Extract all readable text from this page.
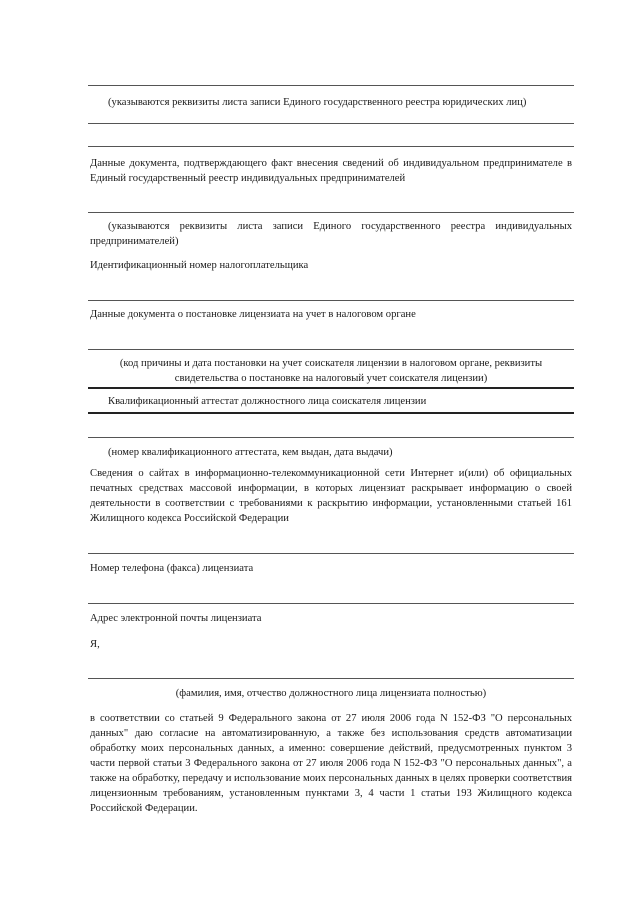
(указываются реквизиты листа записи Единого государственного реестра юридических лиц)

Данные документа, подтверждающего факт внесения сведений об индивидуальном предпринимателе в Единый государственный реестр индивидуальных предпринимателей

(указываются реквизиты листа записи Единого государственного реестра индивидуальных предпринимателей)

Идентификационный номер налогоплательщика

Данные документа о постановке лицензиата на учет в налоговом органе

(код причины и дата постановки на учет соискателя лицензии в налоговом органе, реквизиты свидетельства о постановке на налоговый учет соискателя лицензии)

Квалификационный аттестат должностного лица соискателя лицензии

(номер квалификационного аттестата, кем выдан, дата выдачи)

Сведения о сайтах в информационно-телекоммуникационной сети Интернет и(или) об официальных печатных средствах массовой информации, в которых лицензиат раскрывает информацию о своей деятельности в соответствии с требованиями к раскрытию информации, установленными статьей 161 Жилищного кодекса Российской Федерации

Номер телефона (факса) лицензиата

Адрес электронной почты лицензиата

Я,

(фамилия, имя, отчество должностного лица лицензиата полностью)

в соответствии со статьей 9 Федерального закона от 27 июля 2006 года N 152-ФЗ "О персональных данных" даю согласие на автоматизированную, а также без использования средств автоматизации обработку моих персональных данных, а именно: совершение действий, предусмотренных пунктом 3 части первой статьи 3 Федерального закона от 27 июля 2006 года N 152-ФЗ "О персональных данных", а также на обработку, передачу и использование моих персональных данных в целях проверки соответствия лицензионным требованиям, установленным пунктами 3, 4 части 1 статьи 193 Жилищного кодекса Российской Федерации.
